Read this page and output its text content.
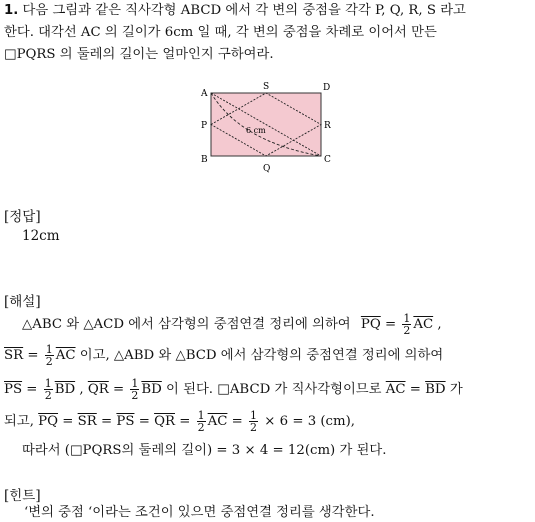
1. 다음 그림과 같은 직사각형 ABCD 에서 각 변의 중점을 각각 P, Q, R, S 라고
한다. 대각선 AC 의 길이가 6cm 일 때, 각 변의 중점을 차례로 이어서 만든
□PQRS 의 둘레의 길이는 얼마인지 구하여라.
A
D
S
P	R
B	C
Q
6 cm
[정답]
12cm
[해설]
△ABC 와 △ACD 에서 삼각형의 중점연결 정리에 의하여 $\overline{PQ} = \frac{1}{2} \overline{AC}$ ,
$\overline{SR} = \frac{1}{2} \overline{AC}$ 이고, △ABD 와 △BCD 에서 삼각형의 중점연결 정리에 의하여
$\overline{PS} = \frac{1}{2} \overline{BD}$ , $\overline{QR} = \frac{1}{2} \overline{BD}$ 이 된다. □ABCD 가 직사각형이므로 $\overline{AC} = \overline{BD}$ 가
되고, $\overline{PQ} = \overline{SR} = \overline{PS} = \overline{QR} = \frac{1}{2} \overline{AC} = \frac{1}{2} \times 6 = 3$ (cm),
따라서 (□PQRS의 둘레의 길이) = 3 × 4 = 12(cm) 가 된다.
[힌트]
‘변의 중점 ‘이라는 조건이 있으면 중점연결 정리를 생각한다.
